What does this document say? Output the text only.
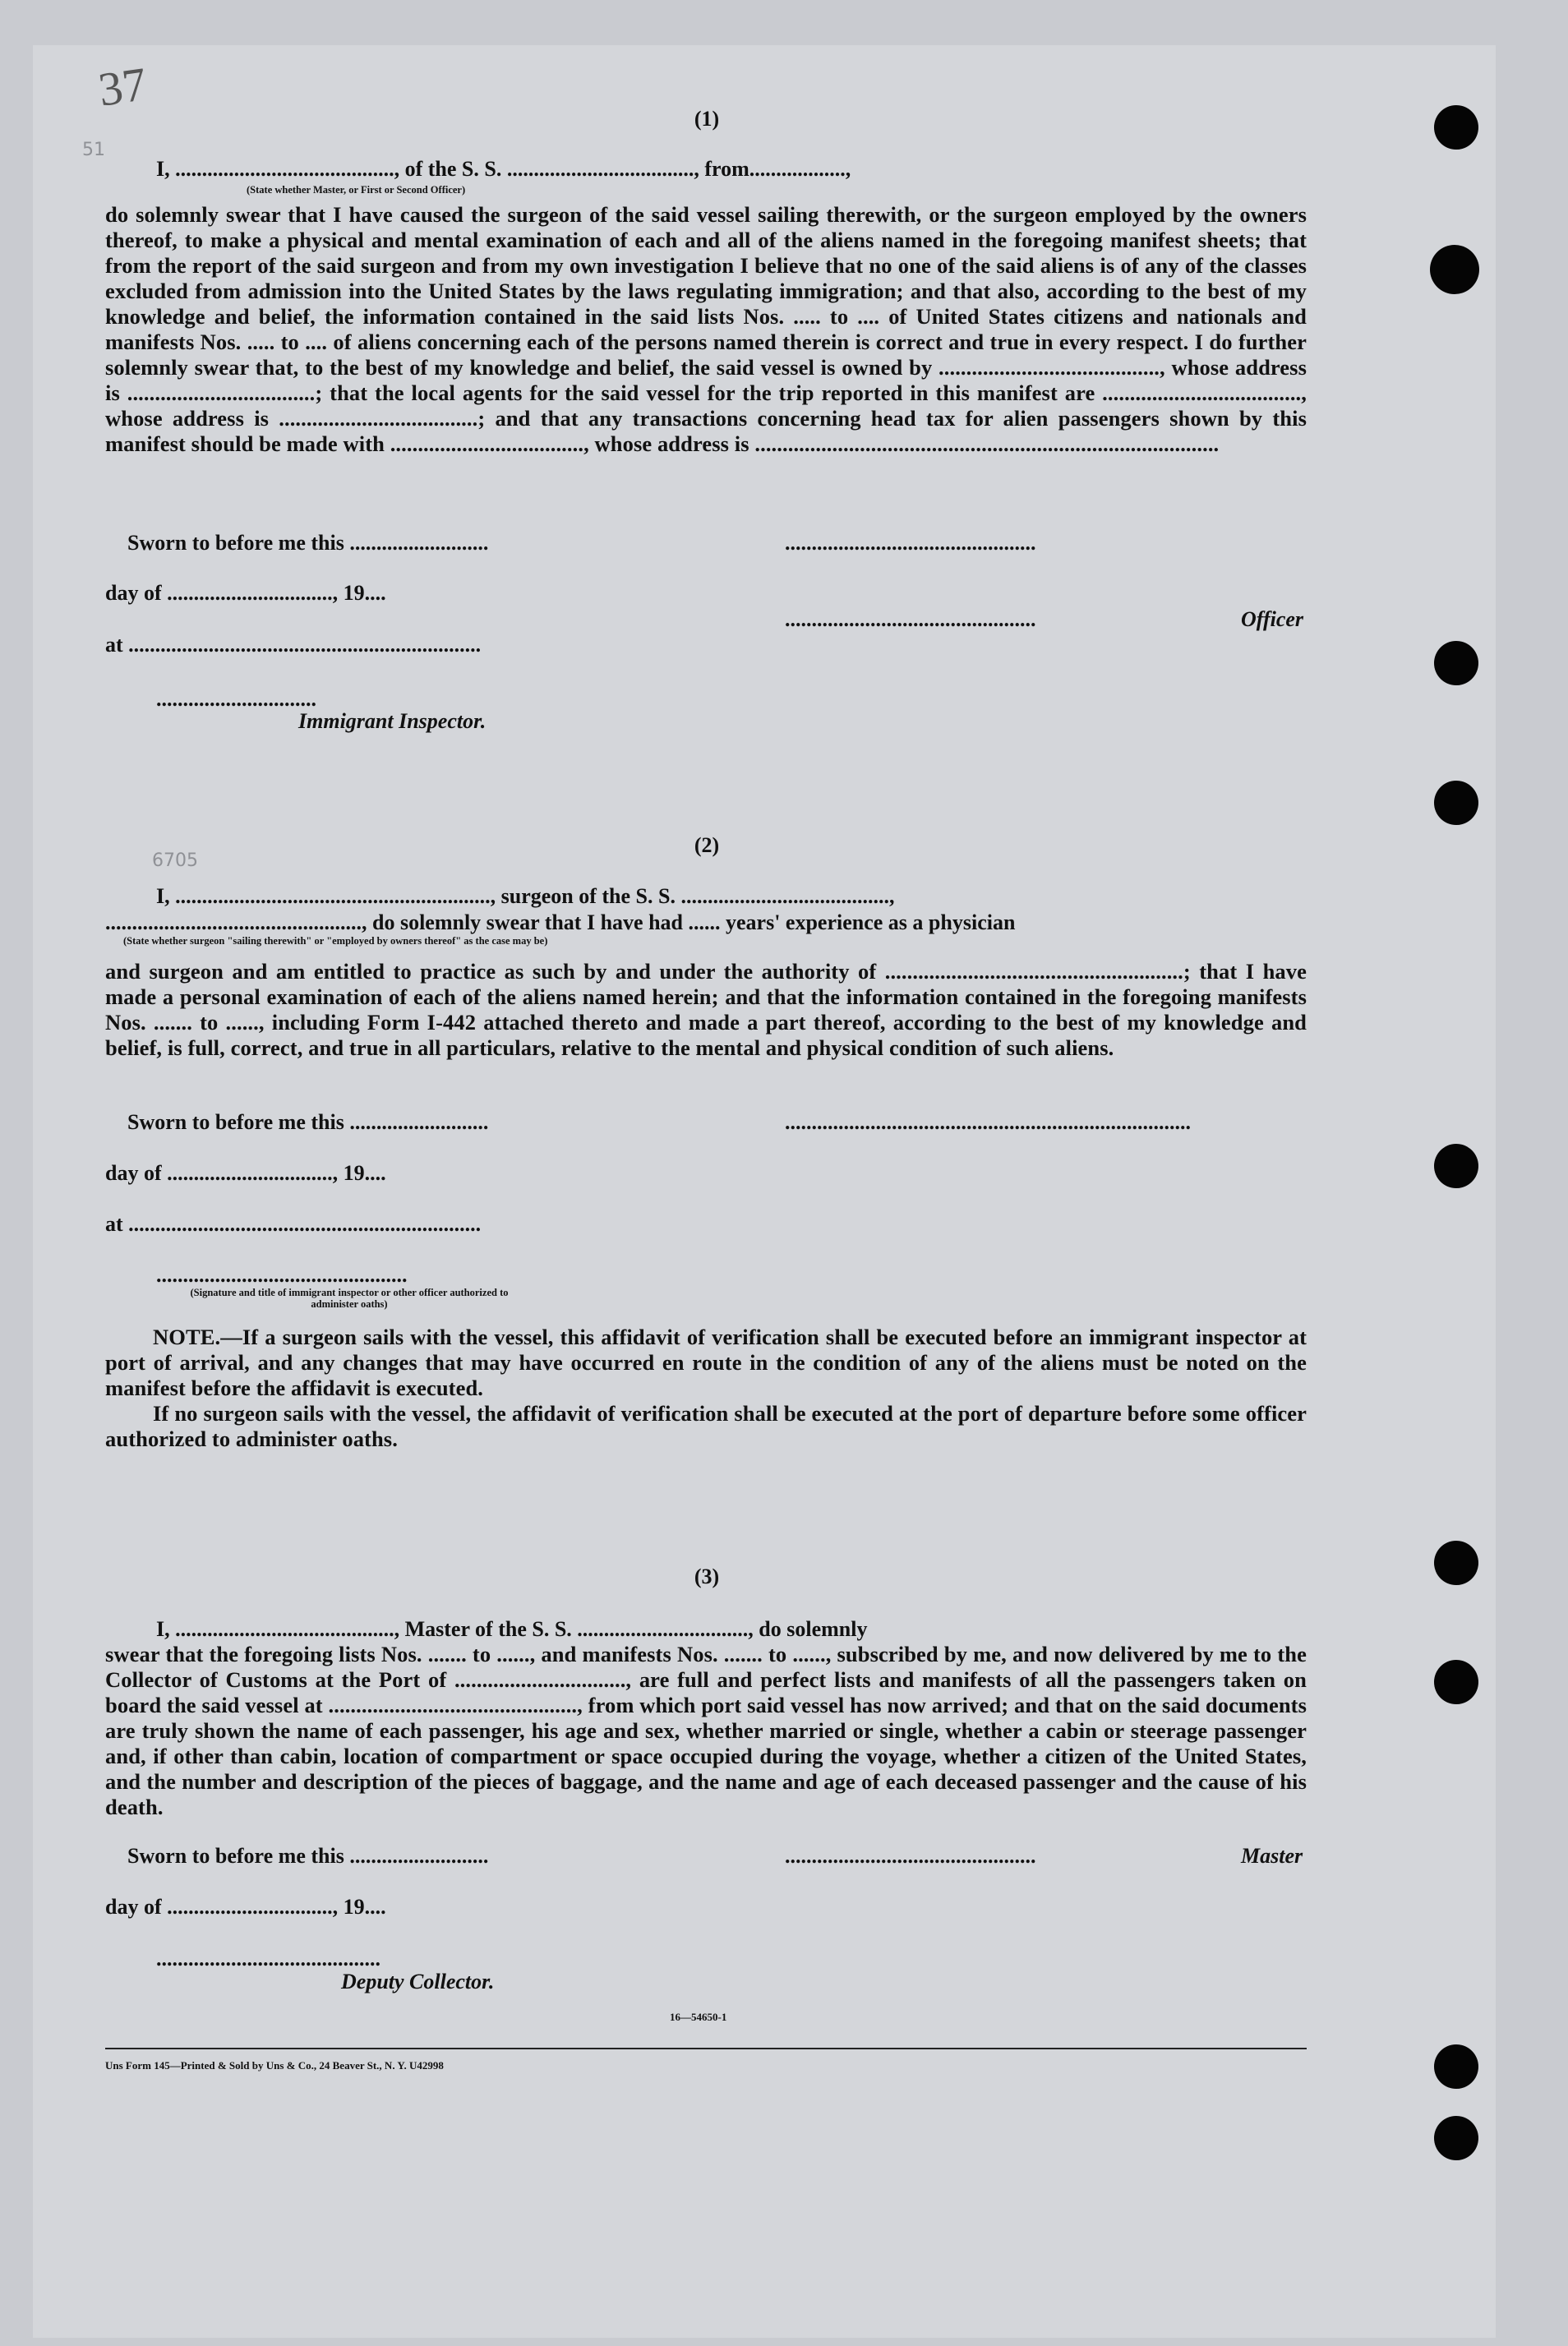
37
51
6705
(1)
I, ........................................., of the S. S. ..................................., from..................,
(State whether Master, or First or Second Officer)
do solemnly swear that I have caused the surgeon of the said vessel sailing therewith, or the surgeon employed by the owners thereof, to make a physical and mental examination of each and all of the aliens named in the foregoing manifest sheets; that from the report of the said surgeon and from my own investigation I believe that no one of the said aliens is of any of the classes excluded from admission into the United States by the laws regulating immigration; and that also, according to the best of my knowledge and belief, the information contained in the said lists Nos. ..... to .... of United States citizens and nationals and manifests Nos. ..... to .... of aliens concerning each of the persons named therein is correct and true in every respect. I do further solemnly swear that, to the best of my knowledge and belief, the said vessel is owned by ........................................, whose address is ..................................; that the local agents for the said vessel for the trip reported in this manifest are ...................................., whose address is ....................................; and that any transactions concerning head tax for alien passengers shown by this manifest should be made with ..................................., whose address is ....................................................................................
Sworn to before me this ..........................
day of ..............................., 19....
at ..................................................................
...............................................
...............................................	Officer
..............................
Immigrant Inspector.
(2)
I, ..........................................................., surgeon of the S. S. .......................................,
................................................, do solemnly swear that I have had ...... years' experience as a physician
(State whether surgeon "sailing therewith" or "employed by owners thereof" as the case may be)
and surgeon and am entitled to practice as such by and under the authority of ......................................................; that I have made a personal examination of each of the aliens named herein; and that the information contained in the foregoing manifests Nos. ....... to ......, including Form I-442 attached thereto and made a part thereof, according to the best of my knowledge and belief, is full, correct, and true in all particulars, relative to the mental and physical condition of such aliens.
Sworn to before me this ..........................	............................................................................
day of ..............................., 19....
at ..................................................................
...............................................
(Signature and title of immigrant inspector or other officer authorized to administer oaths)
NOTE.—If a surgeon sails with the vessel, this affidavit of verification shall be executed before an immigrant inspector at port of arrival, and any changes that may have occurred en route in the condition of any of the aliens must be noted on the manifest before the affidavit is executed.
If no surgeon sails with the vessel, the affidavit of verification shall be executed at the port of departure before some officer authorized to administer oaths.
(3)
I, ........................................., Master of the S. S. ................................, do solemnly
swear that the foregoing lists Nos. ....... to ......, and manifests Nos. ....... to ......, subscribed by me, and now delivered by me to the Collector of Customs at the Port of ..............................., are full and perfect lists and manifests of all the passengers taken on board the said vessel at ............................................., from which port said vessel has now arrived; and that on the said documents are truly shown the name of each passenger, his age and sex, whether married or single, whether a cabin or steerage passenger and, if other than cabin, location of compartment or space occupied during the voyage, whether a citizen of the United States, and the number and description of the pieces of baggage, and the name and age of each deceased passenger and the cause of his death.
Sworn to before me this ..........................	...............................................	Master
day of ..............................., 19....
..........................................
Deputy Collector.
16—54650-1
Uns Form 145—Printed & Sold by Uns & Co., 24 Beaver St., N. Y. U42998
